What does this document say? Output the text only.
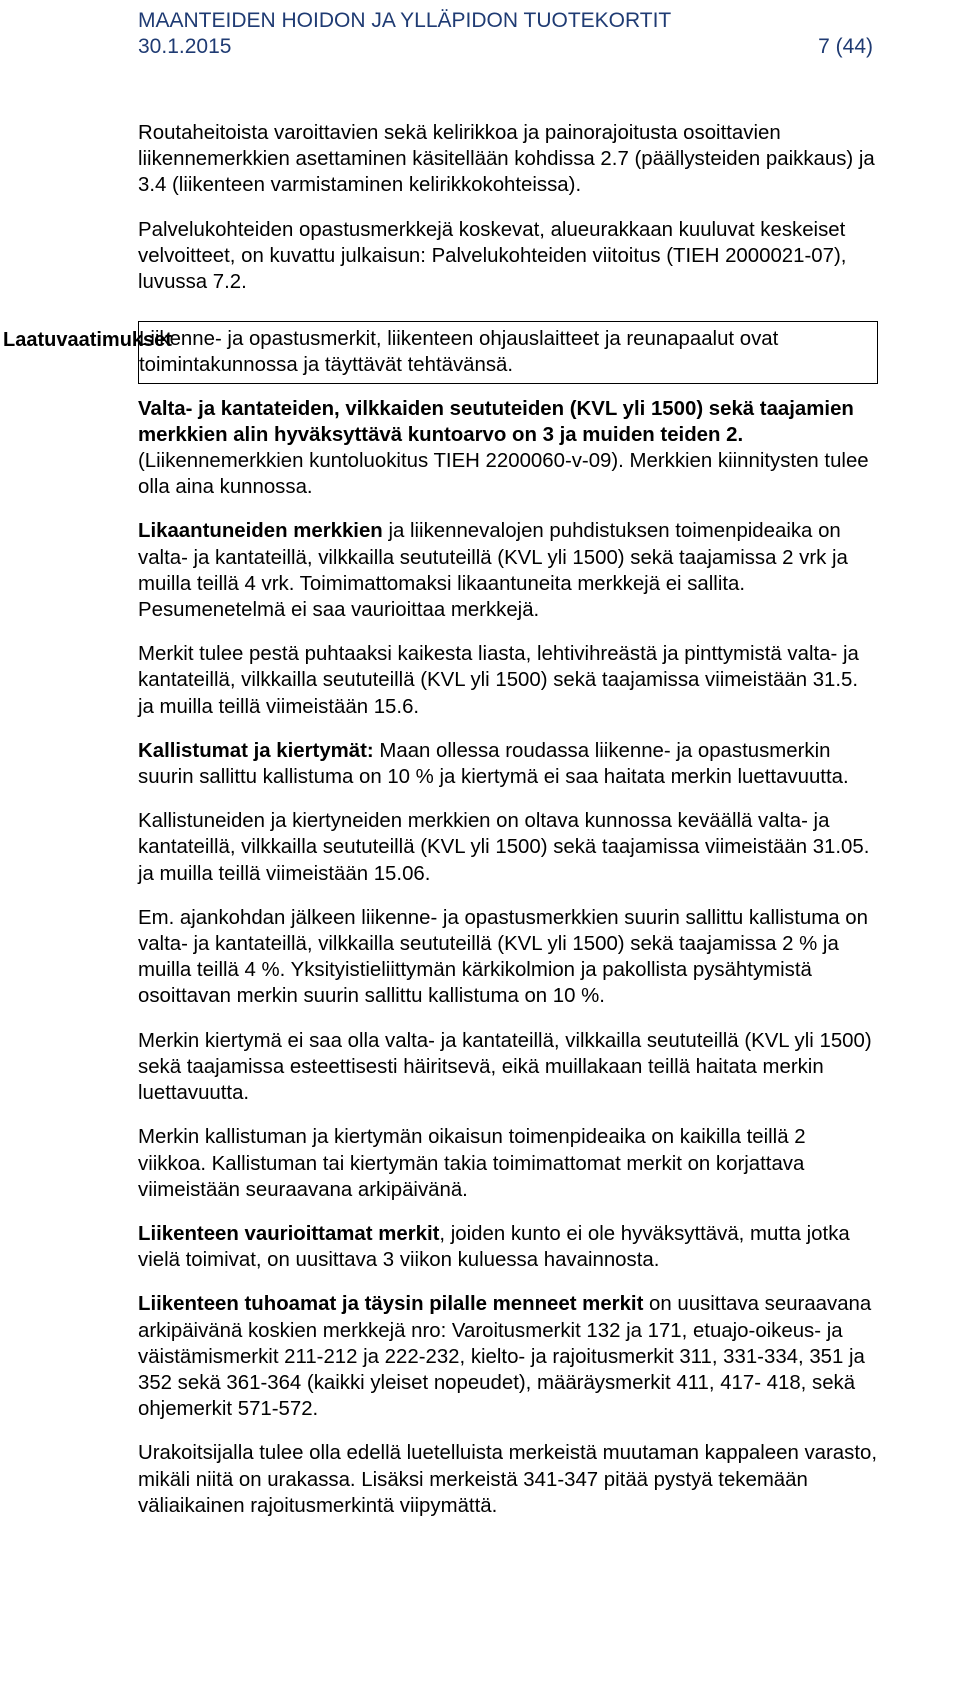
MAANTEIDEN HOIDON JA YLLÄPIDON TUOTEKORTIT
30.1.2015	7 (44)
Laatuvaatimukset

Routaheitoista varoittavien sekä kelirikkoa ja painorajoitusta osoittavien liikennemerkkien asettaminen käsitellään kohdissa 2.7 (päällysteiden paikkaus) ja 3.4 (liikenteen varmistaminen kelirikkokohteissa).

Palvelukohteiden opastusmerkkejä koskevat, alueurakkaan kuuluvat keskeiset velvoitteet, on kuvattu julkaisun: Palvelukohteiden viitoitus (TIEH 2000021-07), luvussa 7.2.

Liikenne- ja opastusmerkit, liikenteen ohjauslaitteet ja reunapaalut ovat toimintakunnossa ja täyttävät tehtävänsä.

Valta- ja kantateiden, vilkkaiden seututeiden (KVL yli 1500) sekä taajamien merkkien alin hyväksyttävä kuntoarvo on 3 ja muiden teiden 2. (Liikennemerkkien kuntoluokitus TIEH 2200060-v-09). Merkkien kiinnitysten tulee olla aina kunnossa.

Likaantuneiden merkkien ja liikennevalojen puhdistuksen toimenpideaika on valta- ja kantateillä, vilkkailla seututeillä (KVL yli 1500) sekä taajamissa 2 vrk ja muilla teillä 4 vrk. Toimimattomaksi likaantuneita merkkejä ei sallita. Pesumenetelmä ei saa vaurioittaa merkkejä.

Merkit tulee pestä puhtaaksi kaikesta liasta, lehtivihreästä ja pinttymistä valta- ja kantateillä, vilkkailla seututeillä (KVL yli 1500) sekä taajamissa viimeistään 31.5. ja muilla teillä viimeistään 15.6.

Kallistumat ja kiertymät: Maan ollessa roudassa liikenne- ja opastusmerkin suurin sallittu kallistuma on 10 % ja kiertymä ei saa haitata merkin luettavuutta.

Kallistuneiden ja kiertyneiden merkkien on oltava kunnossa keväällä valta- ja kantateillä, vilkkailla seututeillä (KVL yli 1500) sekä taajamissa viimeistään 31.05. ja muilla teillä viimeistään 15.06.

Em. ajankohdan jälkeen liikenne- ja opastusmerkkien suurin sallittu kallistuma on valta- ja kantateillä, vilkkailla seututeillä (KVL yli 1500) sekä taajamissa 2 % ja muilla teillä 4 %. Yksityistieliittymän kärkikolmion ja pakollista pysähtymistä osoittavan merkin suurin sallittu kallistuma on 10 %.

Merkin kiertymä ei saa olla valta- ja kantateillä, vilkkailla seututeillä (KVL yli 1500) sekä taajamissa esteettisesti häiritsevä, eikä muillakaan teillä haitata merkin luettavuutta.

Merkin kallistuman ja kiertymän oikaisun toimenpideaika on kaikilla teillä 2 viikkoa. Kallistuman tai kiertymän takia toimimattomat merkit on korjattava viimeistään seuraavana arkipäivänä.

Liikenteen vaurioittamat merkit, joiden kunto ei ole hyväksyttävä, mutta jotka vielä toimivat, on uusittava 3 viikon kuluessa havainnosta.

Liikenteen tuhoamat ja täysin pilalle menneet merkit on uusittava seuraavana arkipäivänä koskien merkkejä nro: Varoitusmerkit 132 ja 171, etuajo-oikeus- ja väistämismerkit 211-212 ja 222-232, kielto- ja rajoitusmerkit 311, 331-334, 351 ja 352 sekä 361-364 (kaikki yleiset nopeudet), määräysmerkit 411, 417- 418, sekä ohjemerkit 571-572.

Urakoitsijalla tulee olla edellä luetelluista merkeistä muutaman kappaleen varasto, mikäli niitä on urakassa. Lisäksi merkeistä 341-347 pitää pystyä tekemään väliaikainen rajoitusmerkintä viipymättä.
